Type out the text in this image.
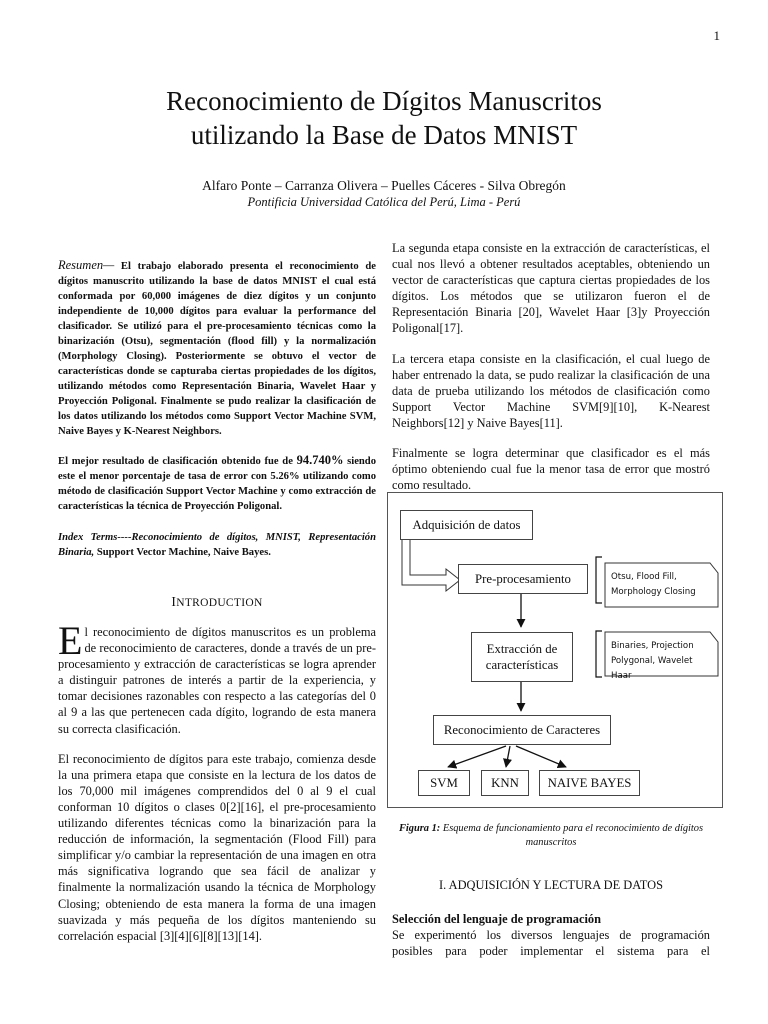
1
Reconocimiento de Dígitos Manuscritos
utilizando la Base de Datos MNIST
Alfaro Ponte – Carranza Olivera – Puelles Cáceres - Silva Obregón
Pontificia Universidad Católica del Perú, Lima - Perú

Resumen— El trabajo elaborado presenta el reconocimiento de dígitos manuscrito utilizando la base de datos MNIST el cual está conformada por 60,000 imágenes de diez dígitos y un conjunto independiente de 10,000 dígitos para evaluar la performance del clasificador. Se utilizó para el pre-procesamiento técnicas como la binarización (Otsu), segmentación (flood fill) y la normalización (Morphology Closing). Posteriormente se obtuvo el vector de características donde se capturaba ciertas propiedades de los dígitos, utilizando métodos como Representación Binaria, Wavelet Haar y Proyección Poligonal. Finalmente se pudo realizar la clasificación de los datos utilizando los métodos como Support Vector Machine SVM, Naive Bayes y K-Nearest Neighbors.

El mejor resultado de clasificación obtenido fue de 94.740% siendo este el menor porcentaje de tasa de error con 5.26% utilizando como método de clasificación Support Vector Machine y como extracción de características la técnica de Proyección Poligonal.

Index Terms----Reconocimiento de dígitos, MNIST, Representación Binaria, Support Vector Machine, Naive Bayes.

INTRODUCTION

El reconocimiento de dígitos manuscritos es un problema de reconocimiento de caracteres, donde a través de un pre-procesamiento y extracción de características se logra aprender a distinguir patrones de interés a partir de la experiencia, y tomar decisiones razonables con respecto a las categorías del 0 al 9 a las que pertenecen cada dígito, logrando de esta manera su correcta clasificación.

El reconocimiento de dígitos para este trabajo, comienza desde la una primera etapa que consiste en la lectura de los datos de los 70,000 mil imágenes comprendidos del 0 al 9 el cual conforman 10 dígitos o clases 0[2][16], el pre-procesamiento utilizando diferentes técnicas como la binarización para la reducción de información, la segmentación (Flood Fill) para simplificar y/o cambiar la representación de una imagen en otra más significativa logrando que sea fácil de analizar y finalmente la normalización usando la técnica de Morphology Closing; obteniendo de esta manera la forma de una imagen suavizada y más pequeña de los dígitos manteniendo su correlación espacial [3][4][6][8][13][14].

La segunda etapa consiste en la extracción de características, el cual nos llevó a obtener resultados aceptables, obteniendo un vector de características que captura ciertas propiedades de los dígitos. Los métodos que se utilizaron fueron el de Representación Binaria [20], Wavelet Haar [3]y Proyección Poligonal[17].

La tercera etapa consiste en la clasificación, el cual luego de haber entrenado la data, se pudo realizar la clasificación de una data de prueba utilizando los métodos de clasificación como Support Vector Machine SVM[9][10], K-Nearest Neighbors[12] y Naive Bayes[11].

Finalmente se logra determinar que clasificador es el más óptimo obteniendo cual fue la menor tasa de error que mostró como resultado.

Adquisición de datos
Pre-procesamiento	Otsu, Flood Fill,
Morphology Closing
Extracción de
características
Binaries, Projection
Polygonal, Wavelet Haar
Reconocimiento de Caracteres
SVM	KNN	NAIVE BAYES
Figura 1: Esquema de funcionamiento para el reconocimiento de dígitos manuscritos
I. ADQUISICIÓN Y LECTURA DE DATOS
Selección del lenguaje de programación

Se experimentó los diversos lenguajes de programación posibles para poder implementar el sistema para el
